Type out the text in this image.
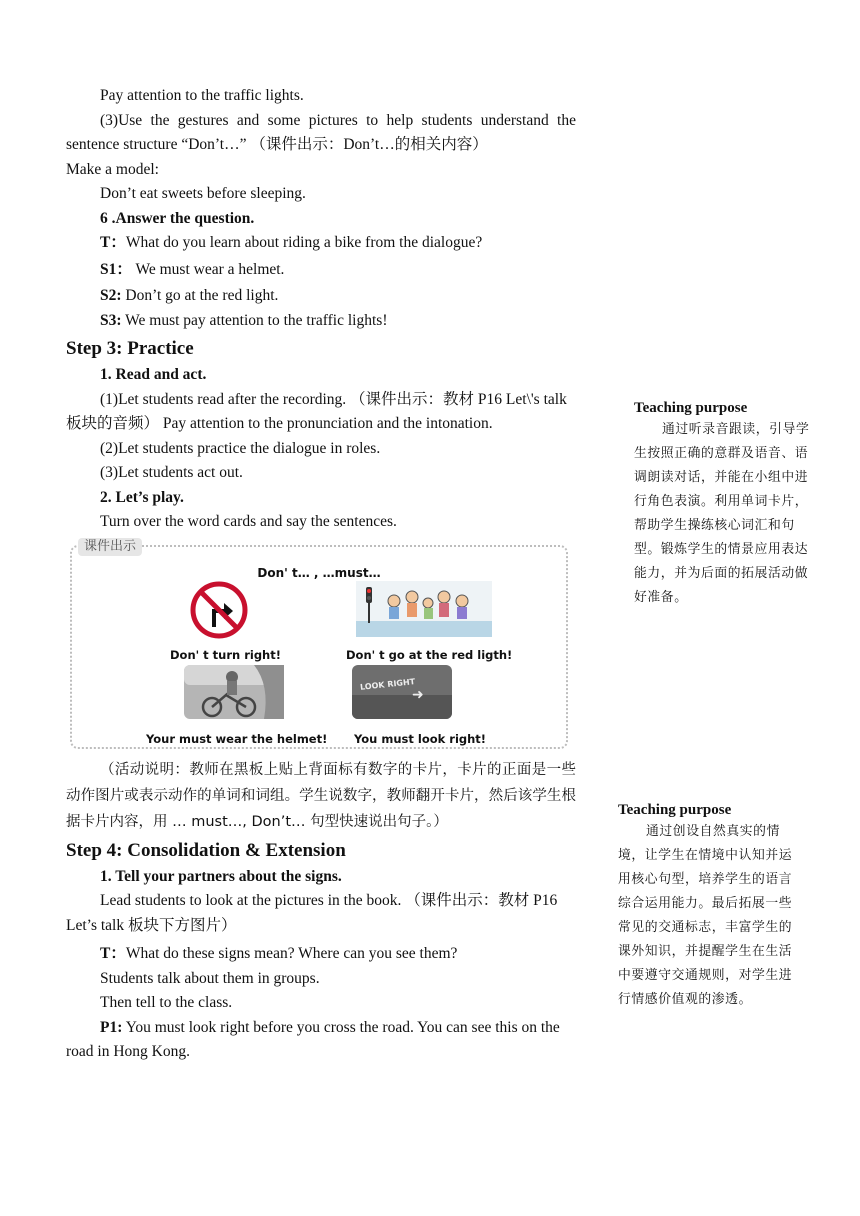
Pay attention to the traffic lights.

(3)Use the gestures and some pictures to help students understand the sentence structure “Don’t…” （课件出示：Don’t…的相关内容）

Make a model:

Don’t eat sweets before sleeping.

6 .Answer the question.

T：What do you learn about riding a bike from the dialogue?

S1： We must wear a helmet.

S2: Don’t go at the red light.

S3: We must pay attention to the traffic lights!

Step 3: Practice

1. Read and act.

(1)Let students read after the recording. （课件出示：教材 P16 Let\'s talk 板块的音频） Pay attention to the pronunciation and the intonation.

(2)Let students practice the dialogue in roles.

(3)Let students act out.

2. Let’s play.

Turn over the word cards and say the sentences.

课件出示
Don' t… , …must…
Don' t turn right!	Don' t go at the red ligth!
Your must wear the helmet!
LOOK RIGHT
➜
You must look right!

（活动说明：教师在黑板上贴上背面标有数字的卡片，卡片的正面是一些动作图片或表示动作的单词和词组。学生说数字，教师翻开卡片，然后该学生根据卡片内容，用 … must…, Don’t… 句型快速说出句子。）

Step 4: Consolidation & Extension

1. Tell your partners about the signs.

Lead students to look at the pictures in the book. （课件出示：教材 P16 Let’s talk 板块下方图片）

T：What do these signs mean? Where can you see them?

Students talk about them in groups.

Then tell to the class.

P1: You must look right before you cross the road. You can see this on the road in Hong Kong.

Teaching purpose

通过听录音跟读，引导学生按照正确的意群及语音、语调朗读对话，并能在小组中进行角色表演。利用单词卡片，帮助学生操练核心词汇和句型。锻炼学生的情景应用表达能力，并为后面的拓展活动做好准备。

Teaching purpose

通过创设自然真实的情境，让学生在情境中认知并运用核心句型，培养学生的语言综合运用能力。最后拓展一些常见的交通标志，丰富学生的课外知识，并提醒学生在生活中要遵守交通规则，对学生进行情感价值观的渗透。
